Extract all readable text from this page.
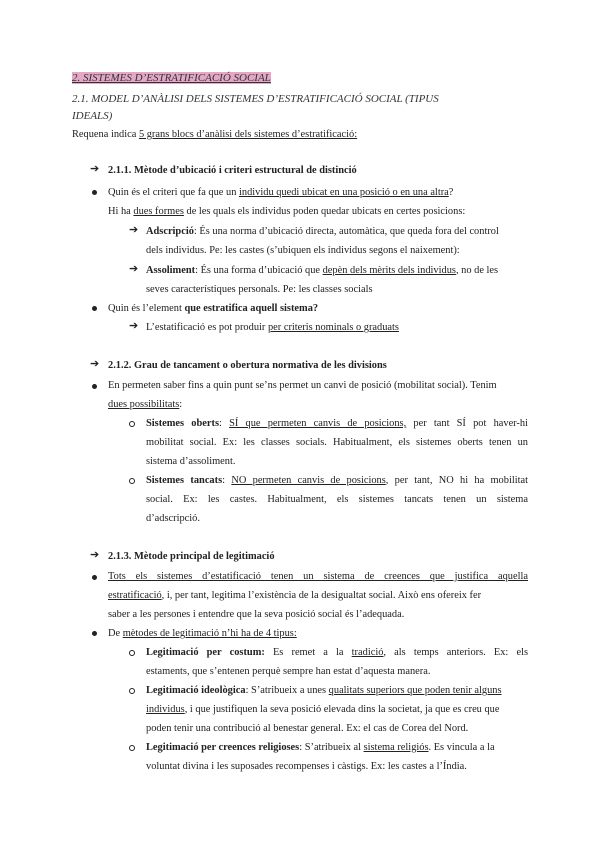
2. SISTEMES D’ESTRATIFICACIÓ SOCIAL
2.1. MODEL D’ANÀLISI DELS SISTEMES D’ESTRATIFICACIÓ SOCIAL (TIPUS
IDEALS)
Requena indica 5 grans blocs d’anàlisi dels sistemes d’estratificació:
➔ 2.1.1. Mètode d’ubicació i criteri estructural de distinció
Quin és el criteri que fa que un individu quedi ubicat en una posició o en una altra?
Hi ha dues formes de les quals els individus poden quedar ubicats en certes posicions:
➔ Adscripció: És una norma d’ubicació directa, automàtica, que queda fora del control
dels individus. Pe: les castes (s’ubiquen els individus segons el naixement):
➔ Assoliment: És una forma d’ubicació que depèn dels mèrits dels individus, no de les
seves característiques personals. Pe: les classes socials
Quin és l’element que estratifica aquell sistema?
➔ L’estatificació es pot produir per criteris nominals o graduats
➔ 2.1.2. Grau de tancament o obertura normativa de les divisions
En permeten saber fins a quin punt se’ns permet un canvi de posició (mobilitat social). Tenim
dues possibilitats:
Sistemes oberts: SÍ que permeten canvis de posicions, per tant SÍ pot haver-hi
mobilitat social. Ex: les classes socials. Habitualment, els sistemes oberts tenen un
sistema d’assoliment.
Sistemes tancats: NO permeten canvis de posicions, per tant, NO hi ha mobilitat
social. Ex: les castes. Habitualment, els sistemes tancats tenen un sistema
d’adscripció.
➔ 2.1.3. Mètode principal de legitimació
Tots els sistemes d’estatificació tenen un sistema de creences que justifica aquella
estratificació, i, per tant, legitima l’existència de la desigualtat social. Això ens ofereix fer
saber a les persones i entendre que la seva posició social és l’adequada.
De mètodes de legitimació n’hi ha de 4 tipus:
Legitimació per costum: Es remet a la tradició, als temps anteriors. Ex: els
estaments, que s’entenen perquè sempre han estat d’aquesta manera.
Legitimació ideològica: S’atribueix a unes qualitats superiors que poden tenir alguns
individus, i que justifiquen la seva posició elevada dins la societat, ja que es creu que
poden tenir una contribució al benestar general. Ex: el cas de Corea del Nord.
Legitimació per creences religioses: S’atribueix al sistema religiós. Es vincula a la
voluntat divina i les suposades recompenses i càstigs. Ex: les castes a l’Índia.
